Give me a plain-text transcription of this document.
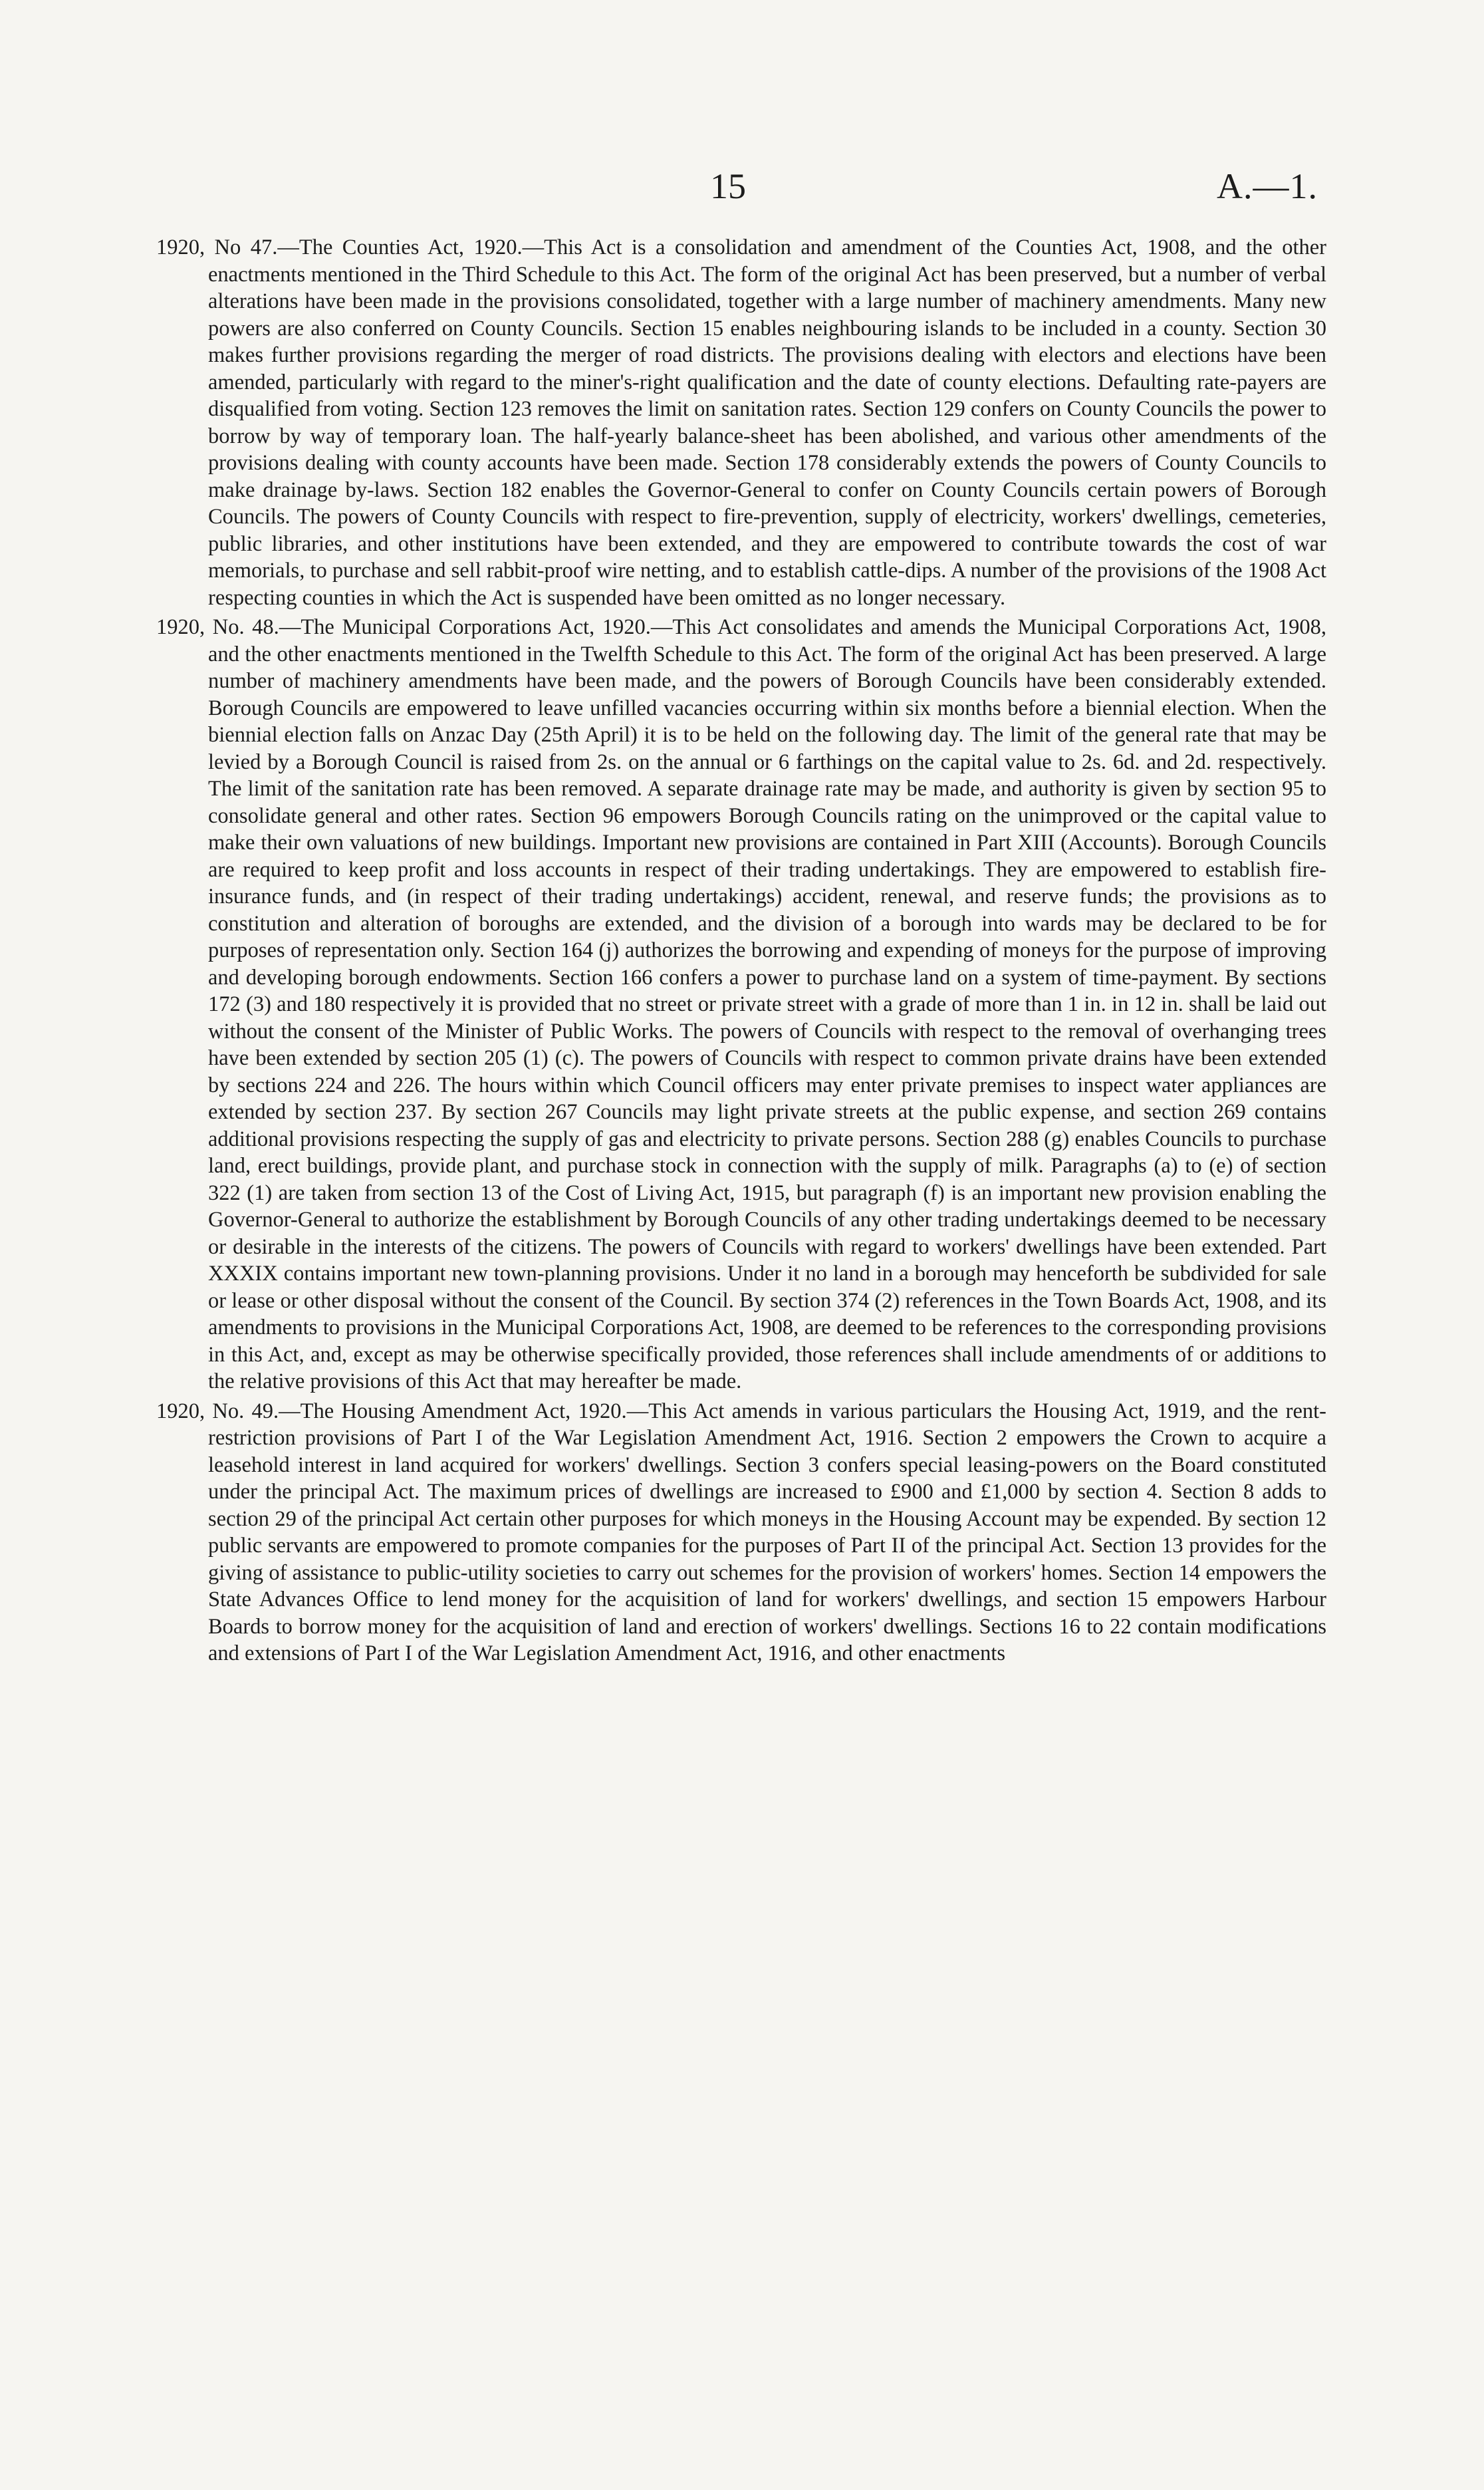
15	A.—1.

1920, No 47.—The Counties Act, 1920.—This Act is a consolidation and amendment of the Counties Act, 1908, and the other enactments mentioned in the Third Schedule to this Act. The form of the original Act has been preserved, but a number of verbal alterations have been made in the provisions consolidated, together with a large number of machinery amendments. Many new powers are also conferred on County Councils. Section 15 enables neighbouring islands to be included in a county. Section 30 makes further provisions regarding the merger of road districts. The provisions dealing with electors and elections have been amended, particularly with regard to the miner's-right qualification and the date of county elections. Defaulting rate-payers are disqualified from voting. Section 123 removes the limit on sanitation rates. Section 129 confers on County Councils the power to borrow by way of temporary loan. The half-yearly balance-sheet has been abolished, and various other amendments of the provisions dealing with county accounts have been made. Section 178 considerably extends the powers of County Councils to make drainage by-laws. Section 182 enables the Governor-General to confer on County Councils certain powers of Borough Councils. The powers of County Councils with respect to fire-prevention, supply of electricity, workers' dwellings, cemeteries, public libraries, and other institutions have been extended, and they are empowered to contribute towards the cost of war memorials, to purchase and sell rabbit-proof wire netting, and to establish cattle-dips. A number of the provisions of the 1908 Act respecting counties in which the Act is suspended have been omitted as no longer necessary.

1920, No. 48.—The Municipal Corporations Act, 1920.—This Act consolidates and amends the Municipal Corporations Act, 1908, and the other enactments mentioned in the Twelfth Schedule to this Act. The form of the original Act has been preserved. A large number of machinery amendments have been made, and the powers of Borough Councils have been considerably extended. Borough Councils are empowered to leave unfilled vacancies occurring within six months before a biennial election. When the biennial election falls on Anzac Day (25th April) it is to be held on the following day. The limit of the general rate that may be levied by a Borough Council is raised from 2s. on the annual or 6 farthings on the capital value to 2s. 6d. and 2d. respectively. The limit of the sanitation rate has been removed. A separate drainage rate may be made, and authority is given by section 95 to consolidate general and other rates. Section 96 empowers Borough Councils rating on the unimproved or the capital value to make their own valuations of new buildings. Important new provisions are contained in Part XIII (Accounts). Borough Councils are required to keep profit and loss accounts in respect of their trading undertakings. They are empowered to establish fire-insurance funds, and (in respect of their trading undertakings) accident, renewal, and reserve funds; the provisions as to constitution and alteration of boroughs are extended, and the division of a borough into wards may be declared to be for purposes of representation only. Section 164 (j) authorizes the borrowing and expending of moneys for the purpose of improving and developing borough endowments. Section 166 confers a power to purchase land on a system of time-payment. By sections 172 (3) and 180 respectively it is provided that no street or private street with a grade of more than 1 in. in 12 in. shall be laid out without the consent of the Minister of Public Works. The powers of Councils with respect to the removal of overhanging trees have been extended by section 205 (1) (c). The powers of Councils with respect to common private drains have been extended by sections 224 and 226. The hours within which Council officers may enter private premises to inspect water appliances are extended by section 237. By section 267 Councils may light private streets at the public expense, and section 269 contains additional provisions respecting the supply of gas and electricity to private persons. Section 288 (g) enables Councils to purchase land, erect buildings, provide plant, and purchase stock in connection with the supply of milk. Paragraphs (a) to (e) of section 322 (1) are taken from section 13 of the Cost of Living Act, 1915, but paragraph (f) is an important new provision enabling the Governor-General to authorize the establishment by Borough Councils of any other trading undertakings deemed to be necessary or desirable in the interests of the citizens. The powers of Councils with regard to workers' dwellings have been extended. Part XXXIX contains important new town-planning provisions. Under it no land in a borough may henceforth be subdivided for sale or lease or other disposal without the consent of the Council. By section 374 (2) references in the Town Boards Act, 1908, and its amendments to provisions in the Municipal Corporations Act, 1908, are deemed to be references to the corresponding provisions in this Act, and, except as may be otherwise specifically provided, those references shall include amendments of or additions to the relative provisions of this Act that may hereafter be made.

1920, No. 49.—The Housing Amendment Act, 1920.—This Act amends in various particulars the Housing Act, 1919, and the rent-restriction provisions of Part I of the War Legislation Amendment Act, 1916. Section 2 empowers the Crown to acquire a leasehold interest in land acquired for workers' dwellings. Section 3 confers special leasing-powers on the Board constituted under the principal Act. The maximum prices of dwellings are increased to £900 and £1,000 by section 4. Section 8 adds to section 29 of the principal Act certain other purposes for which moneys in the Housing Account may be expended. By section 12 public servants are empowered to promote companies for the purposes of Part II of the principal Act. Section 13 provides for the giving of assistance to public-utility societies to carry out schemes for the provision of workers' homes. Section 14 empowers the State Advances Office to lend money for the acquisition of land for workers' dwellings, and section 15 empowers Harbour Boards to borrow money for the acquisition of land and erection of workers' dwellings. Sections 16 to 22 contain modifications and extensions of Part I of the War Legislation Amendment Act, 1916, and other enactments
